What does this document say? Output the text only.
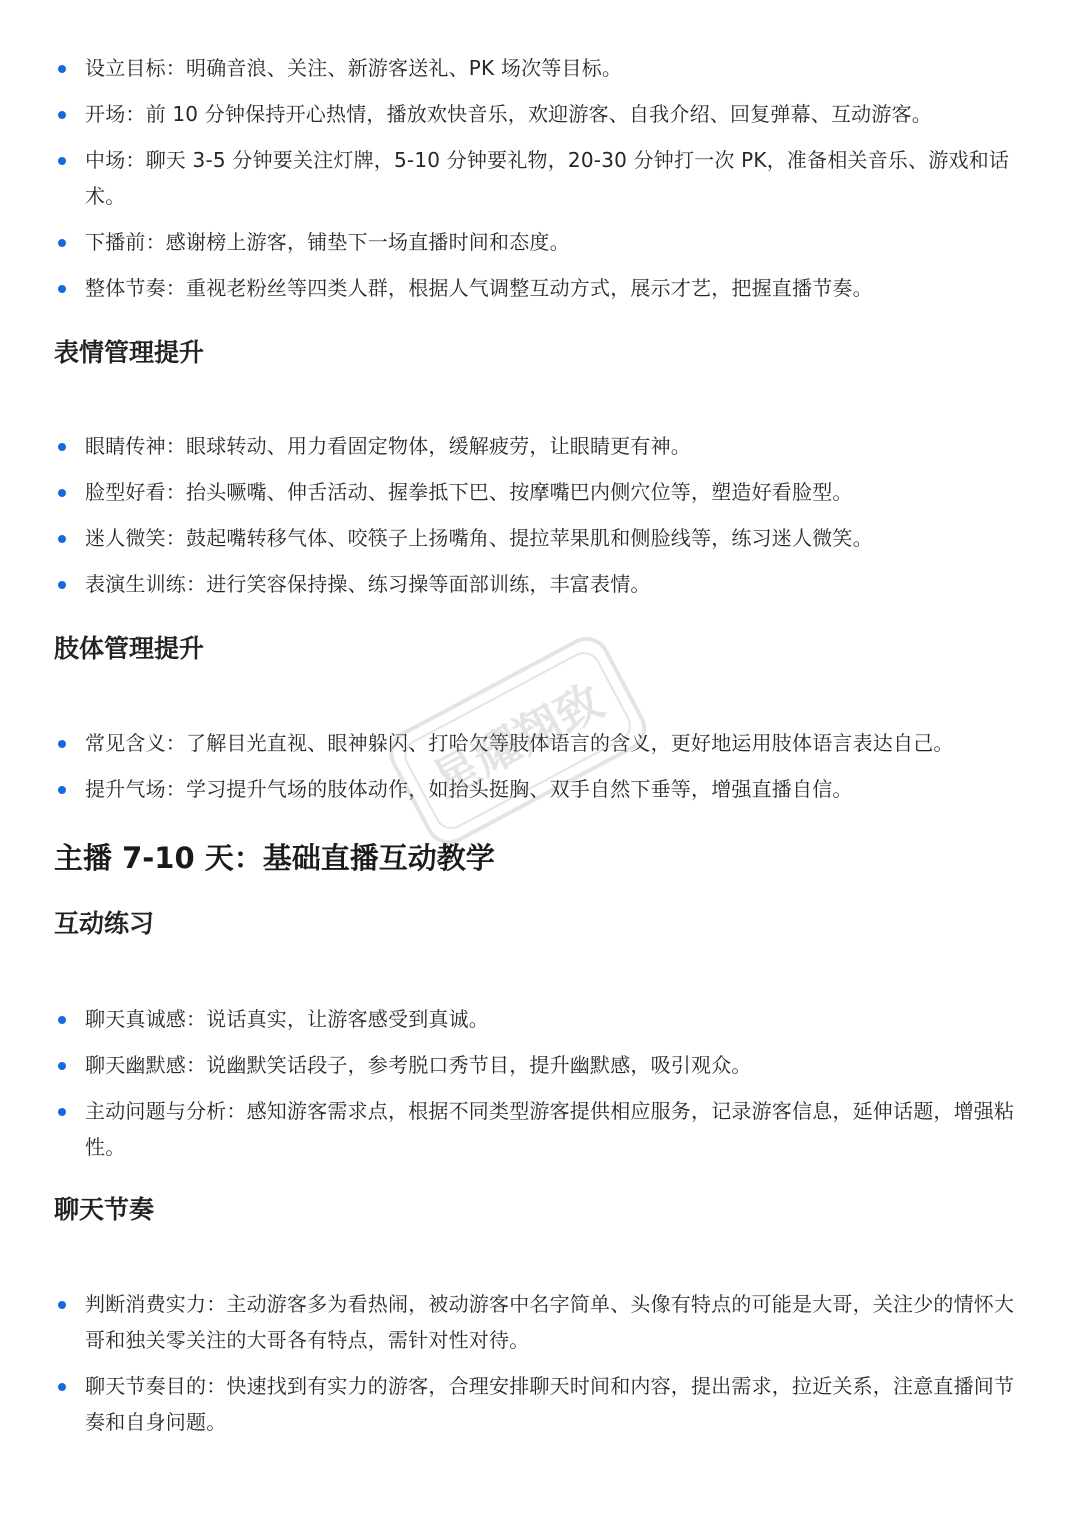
设立目标：明确音浪、关注、新游客送礼、PK 场次等目标。
开场：前 10 分钟保持开心热情，播放欢快音乐，欢迎游客、自我介绍、回复弹幕、互动游客。
中场：聊天 3-5 分钟要关注灯牌，5-10 分钟要礼物，20-30 分钟打一次 PK，准备相关音乐、游戏和话术。
下播前：感谢榜上游客，铺垫下一场直播时间和态度。
整体节奏：重视老粉丝等四类人群，根据人气调整互动方式，展示才艺，把握直播节奏。
表情管理提升
眼睛传神：眼球转动、用力看固定物体，缓解疲劳，让眼睛更有神。
脸型好看：抬头噘嘴、伸舌活动、握拳抵下巴、按摩嘴巴内侧穴位等，塑造好看脸型。
迷人微笑：鼓起嘴转移气体、咬筷子上扬嘴角、提拉苹果肌和侧脸线等，练习迷人微笑。
表演生训练：进行笑容保持操、练习操等面部训练，丰富表情。
肢体管理提升
常见含义：了解目光直视、眼神躲闪、打哈欠等肢体语言的含义，更好地运用肢体语言表达自己。
提升气场：学习提升气场的肢体动作，如抬头挺胸、双手自然下垂等，增强直播自信。
主播 7-10 天：基础直播互动教学
互动练习
聊天真诚感：说话真实，让游客感受到真诚。
聊天幽默感：说幽默笑话段子，参考脱口秀节目，提升幽默感，吸引观众。
主动问题与分析：感知游客需求点，根据不同类型游客提供相应服务，记录游客信息，延伸话题，增强粘性。
聊天节奏
判断消费实力：主动游客多为看热闹，被动游客中名字简单、头像有特点的可能是大哥，关注少的情怀大哥和独关零关注的大哥各有特点，需针对性对待。
聊天节奏目的：快速找到有实力的游客，合理安排聊天时间和内容，提出需求，拉近关系，注意直播间节奏和自身问题。
星耀翔致
